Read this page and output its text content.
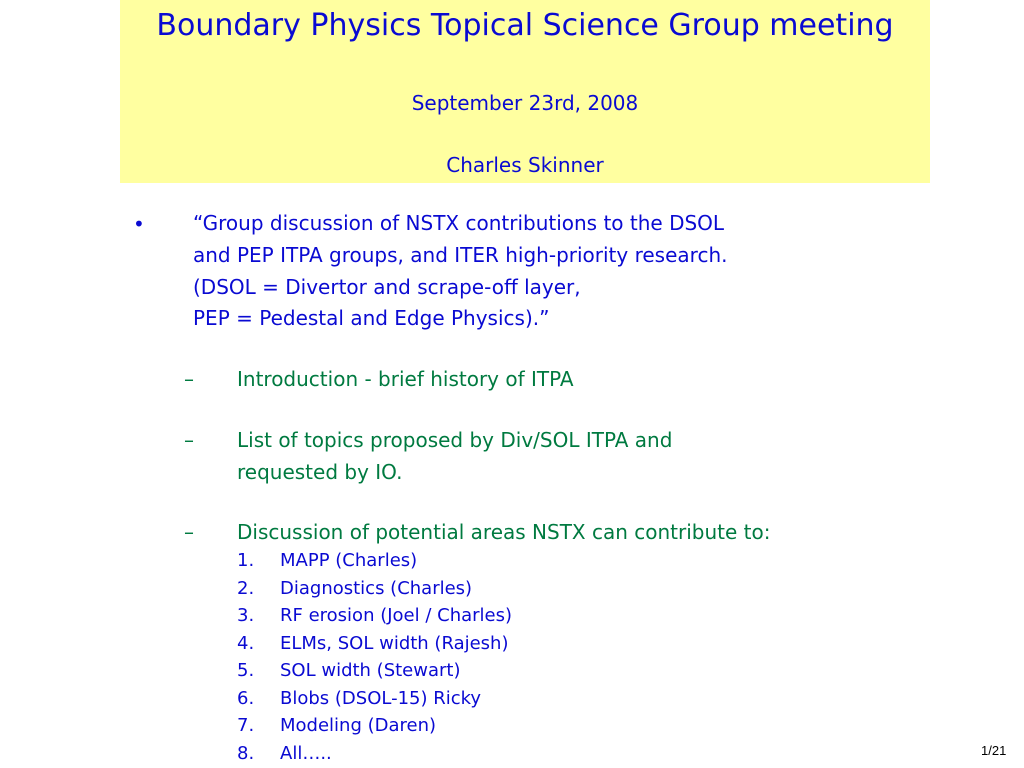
Boundary Physics Topical Science Group meeting
September 23rd, 2008
Charles Skinner
• “Group discussion of NSTX contributions to the DSOL
and PEP ITPA groups, and ITER high-priority research.
(DSOL = Divertor and scrape-off layer,
PEP = Pedestal and Edge Physics).”
– Introduction - brief history of ITPA
– List of topics proposed by Div/SOL ITPA and
requested by IO.
– Discussion of potential areas NSTX can contribute to:
1. MAPP (Charles)
2. Diagnostics (Charles)
3. RF erosion (Joel / Charles)
4. ELMs, SOL width (Rajesh)
5. SOL width (Stewart)
6. Blobs (DSOL-15) Ricky
7. Modeling (Daren)
8. All…..	1/21
